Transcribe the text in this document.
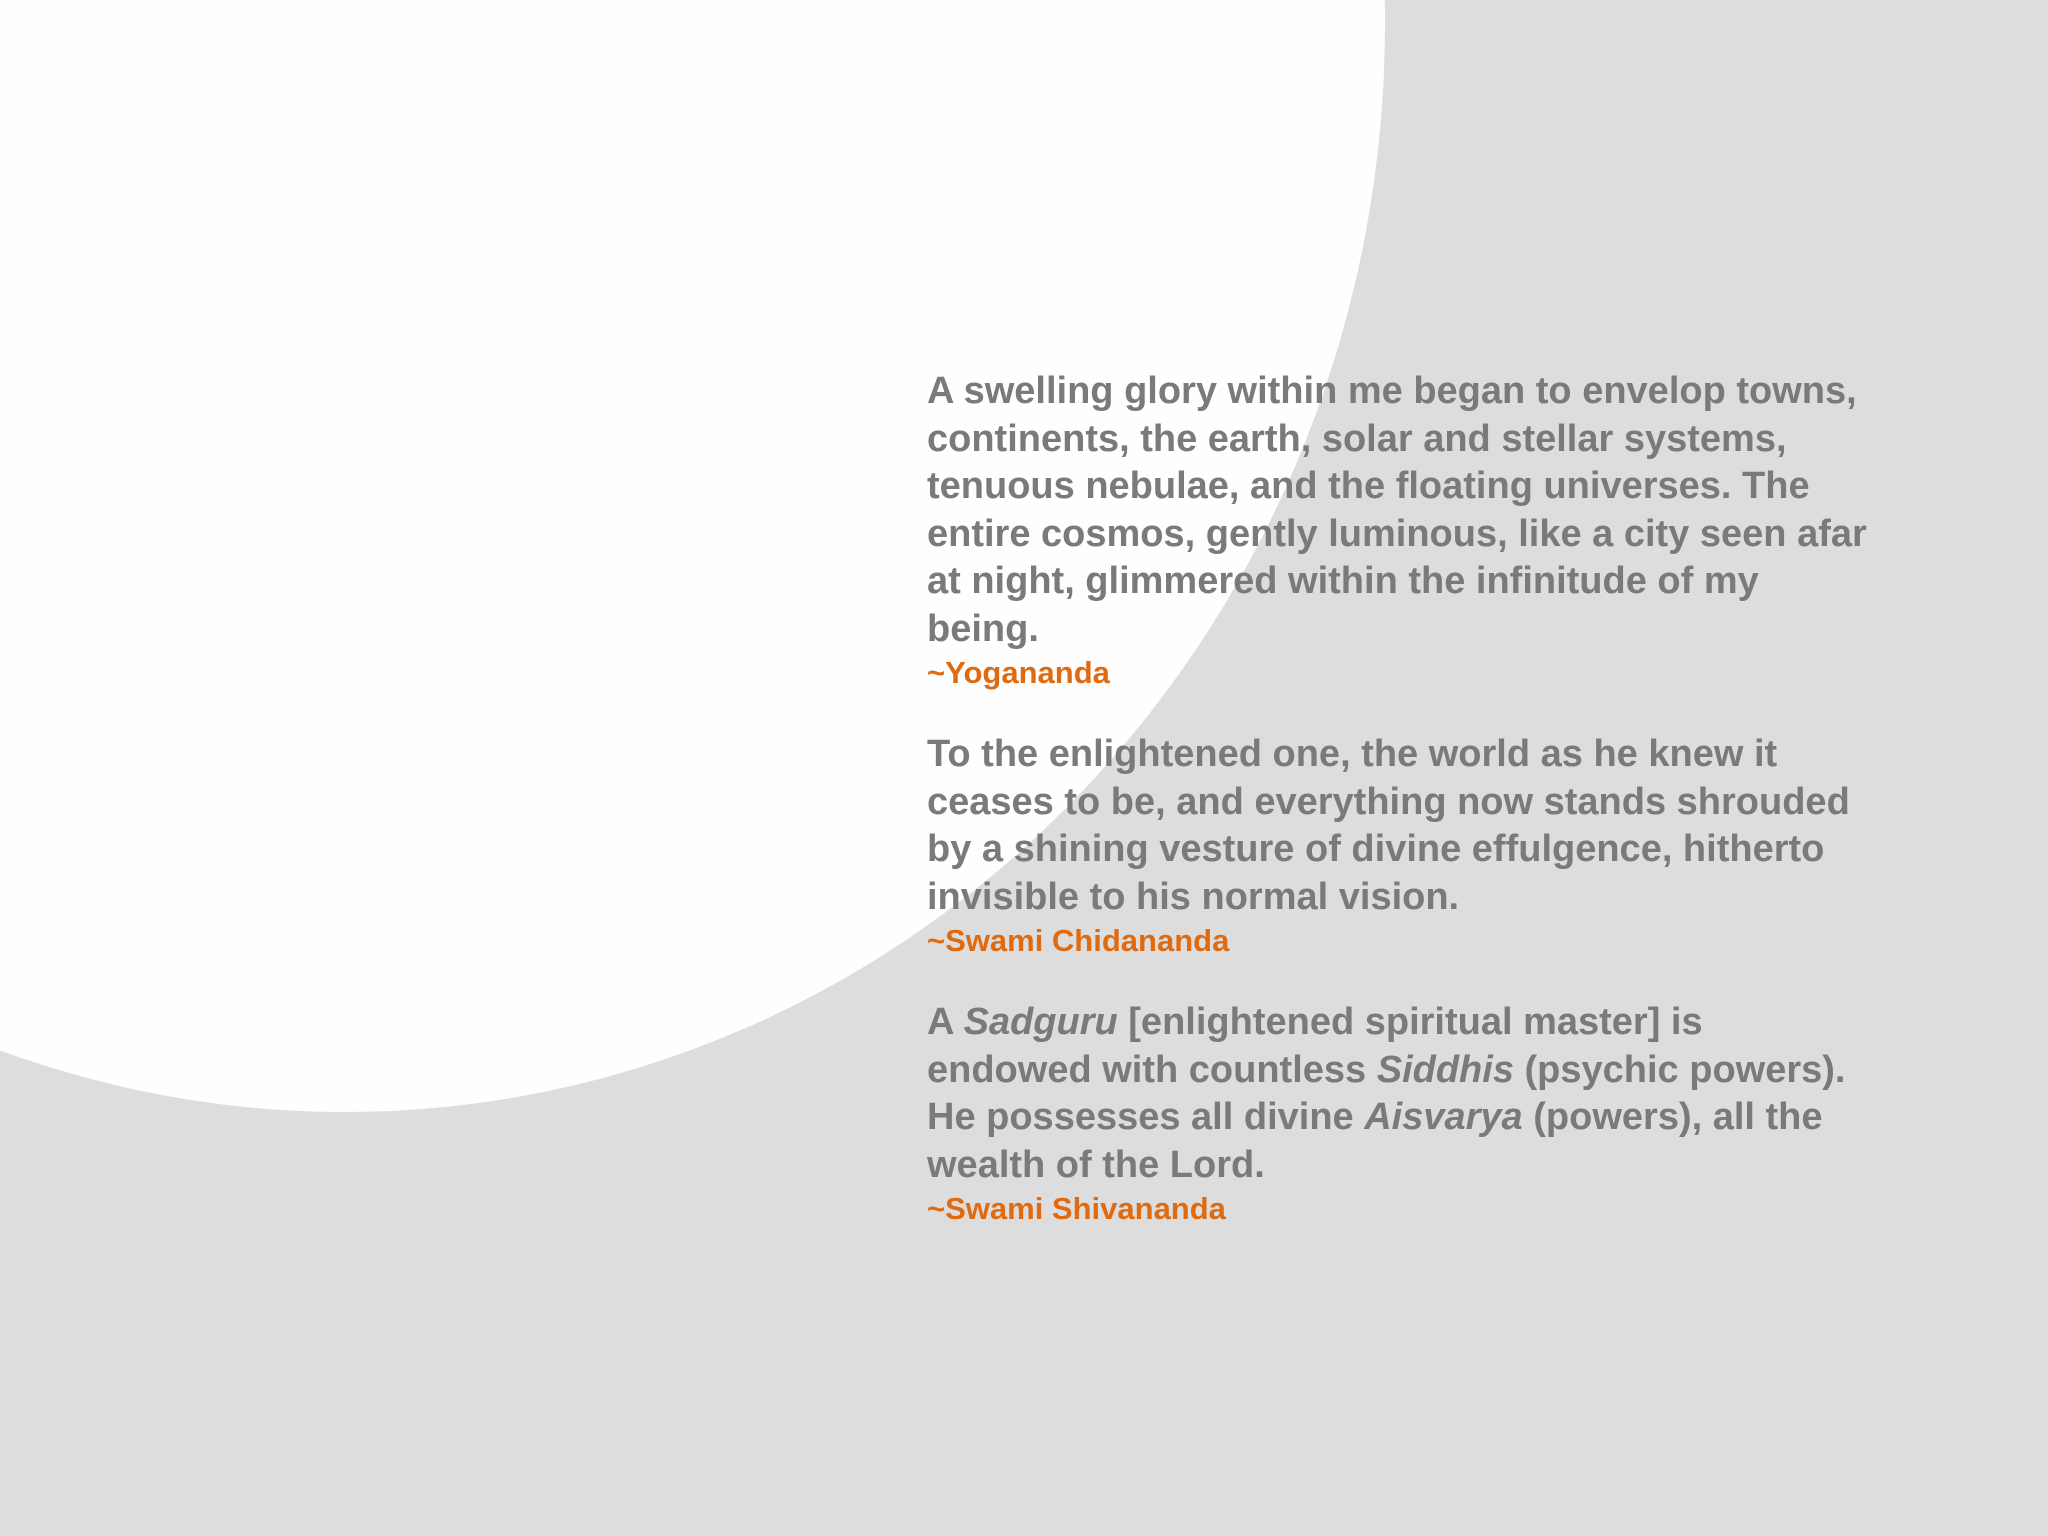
A swelling glory within me began to envelop towns,
continents, the earth, solar and stellar systems,
tenuous nebulae, and the floating universes. The
entire cosmos, gently luminous, like a city seen afar
at night, glimmered within the infinitude of my
being.

~Yogananda

To the enlightened one, the world as he knew it
ceases to be, and everything now stands shrouded
by a shining vesture of divine effulgence, hitherto
invisible to his normal vision.

~Swami Chidananda

A Sadguru [enlightened spiritual master] is
endowed with countless Siddhis (psychic powers).
He possesses all divine Aisvarya (powers), all the
wealth of the Lord.

~Swami Shivananda
